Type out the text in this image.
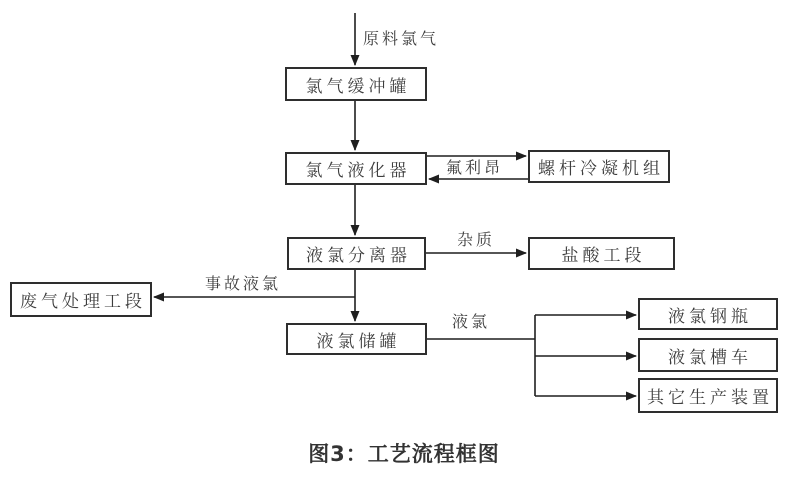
氯气缓冲罐
氯气液化器	螺杆冷凝机组
液氯分离器	盐酸工段
废气处理工段
液氯储罐
液氯钢瓶
液氯槽车
其它生产装置
原料氯气
氟利昂
杂质
事故液氯
液氯
图3：工艺流程框图
